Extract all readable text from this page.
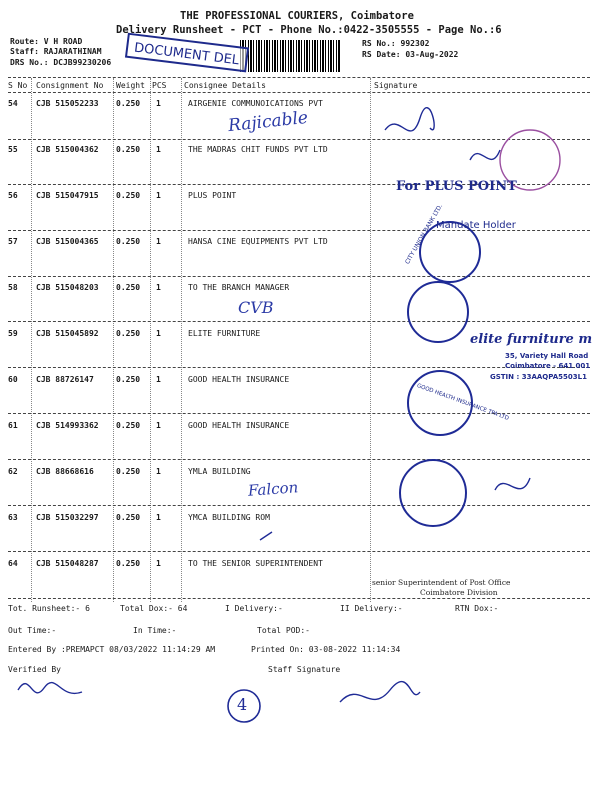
THE PROFESSIONAL COURIERS, Coimbatore
Delivery Runsheet - PCT - Phone No.:0422-3505555 - Page No.:6
Route: V H ROAD
Staff: RAJARATHINAM
DRS No.: DCJB99230206	DOCUMENT DEL	RS No.: 992302
RS Date: 03-Aug-2022
S No Consignment No Weight PCS Consignee Details	Signature
54 CJB 515052233 0.250 1	AIRGENIE COMMUNOICATIONS PVT
55 CJB 515004362 0.250 1	THE MADRAS CHIT FUNDS PVT LTD
56 CJB 515047915 0.250 1	PLUS POINT
57 CJB 515004365 0.250 1	HANSA CINE EQUIPMENTS PVT LTD
58 CJB 515048203 0.250 1	TO THE BRANCH MANAGER
59 CJB 515045892 0.250 1	ELITE FURNITURE
60 CJB 88726147	0.250 1	GOOD HEALTH INSURANCE
61 CJB 514993362 0.250 1	GOOD HEALTH INSURANCE
62 CJB 88668616	0.250 1	YMLA BUILDING
63 CJB 515032297 0.250 1	YMCA BUILDING ROM
64 CJB 515048287 0.250 1	TO THE SENIOR SUPERINTENDENT
Rajicable
CVB
Falcon
4
For PLUS POINT
Mandate Holder
CITY UNION BANK LTD.
elite furniture m
35, Variety Hall Road
Coimbatore - 641 001
GSTIN : 33AAQPA5503L1
GOOD HEALTH INSURANCE TPA LTD
senior Superintendent of Post Office
Coimbatore Division
Tot. Runsheet:- 6	Total Dox:- 64	I Delivery:-	II Delivery:-	RTN Dox:-
Out Time:-	In Time:-	Total POD:-
Entered By :PREMAPCT 08/03/2022 11:14:29 AM	Printed On: 03-08-2022 11:14:34
Verified By	Staff Signature
